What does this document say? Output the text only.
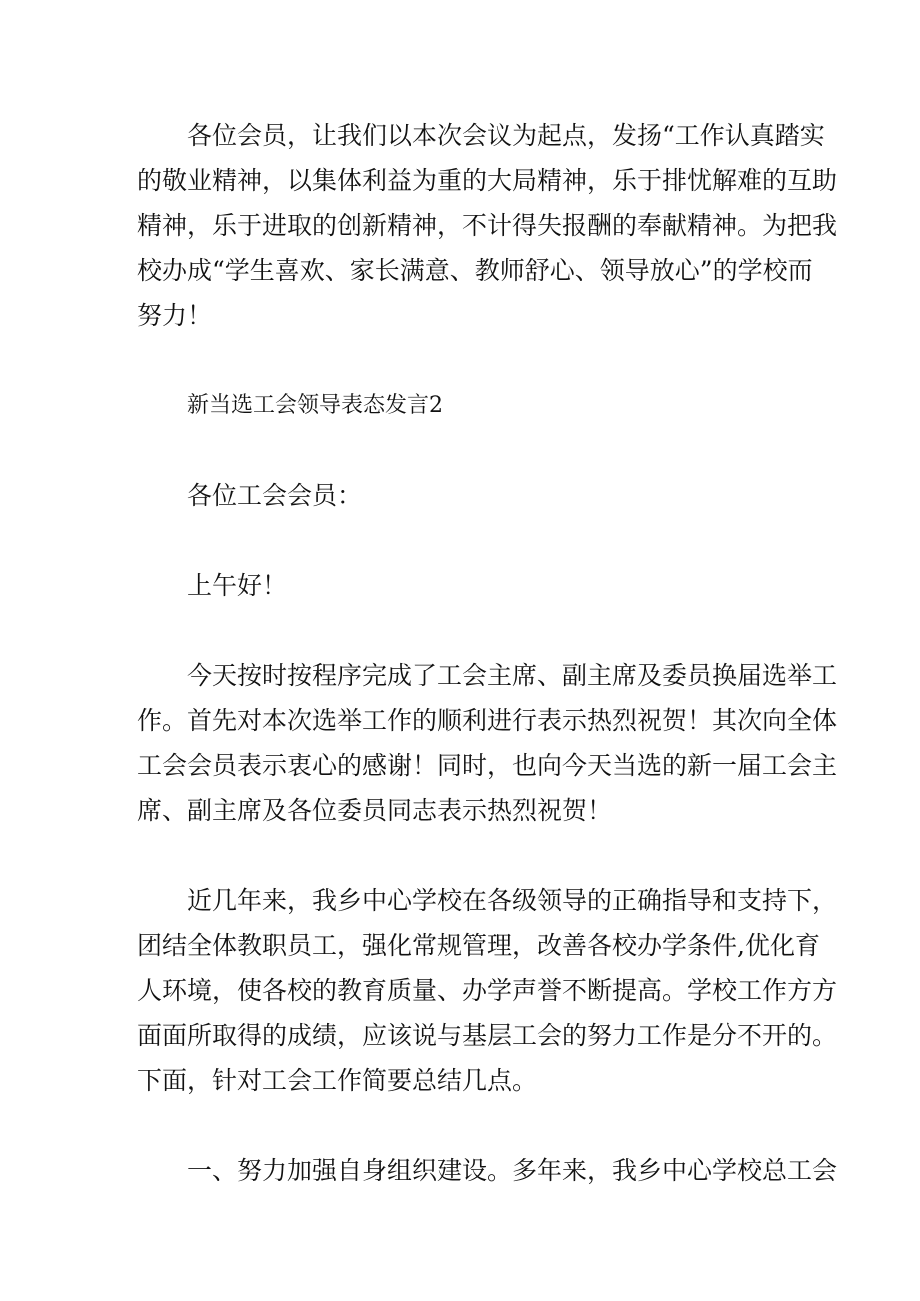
各位会员，让我们以本次会议为起点，发扬“工作认真踏实
的敬业精神，以集体利益为重的大局精神，乐于排忧解难的互助
精神，乐于进取的创新精神，不计得失报酬的奉献精神。为把我
校办成“学生喜欢、家长满意、教师舒心、领导放心”的学校而
努力！
新当选工会领导表态发言2
各位工会会员：
上午好！
今天按时按程序完成了工会主席、副主席及委员换届选举工
作。首先对本次选举工作的顺利进行表示热烈祝贺！其次向全体
工会会员表示衷心的感谢！同时，也向今天当选的新一届工会主
席、副主席及各位委员同志表示热烈祝贺！
近几年来，我乡中心学校在各级领导的正确指导和支持下，
团结全体教职员工，强化常规管理，改善各校办学条件,优化育
人环境，使各校的教育质量、办学声誉不断提高。学校工作方方
面面所取得的成绩，应该说与基层工会的努力工作是分不开的。
下面，针对工会工作简要总结几点。
一、努力加强自身组织建设。多年来，我乡中心学校总工会
